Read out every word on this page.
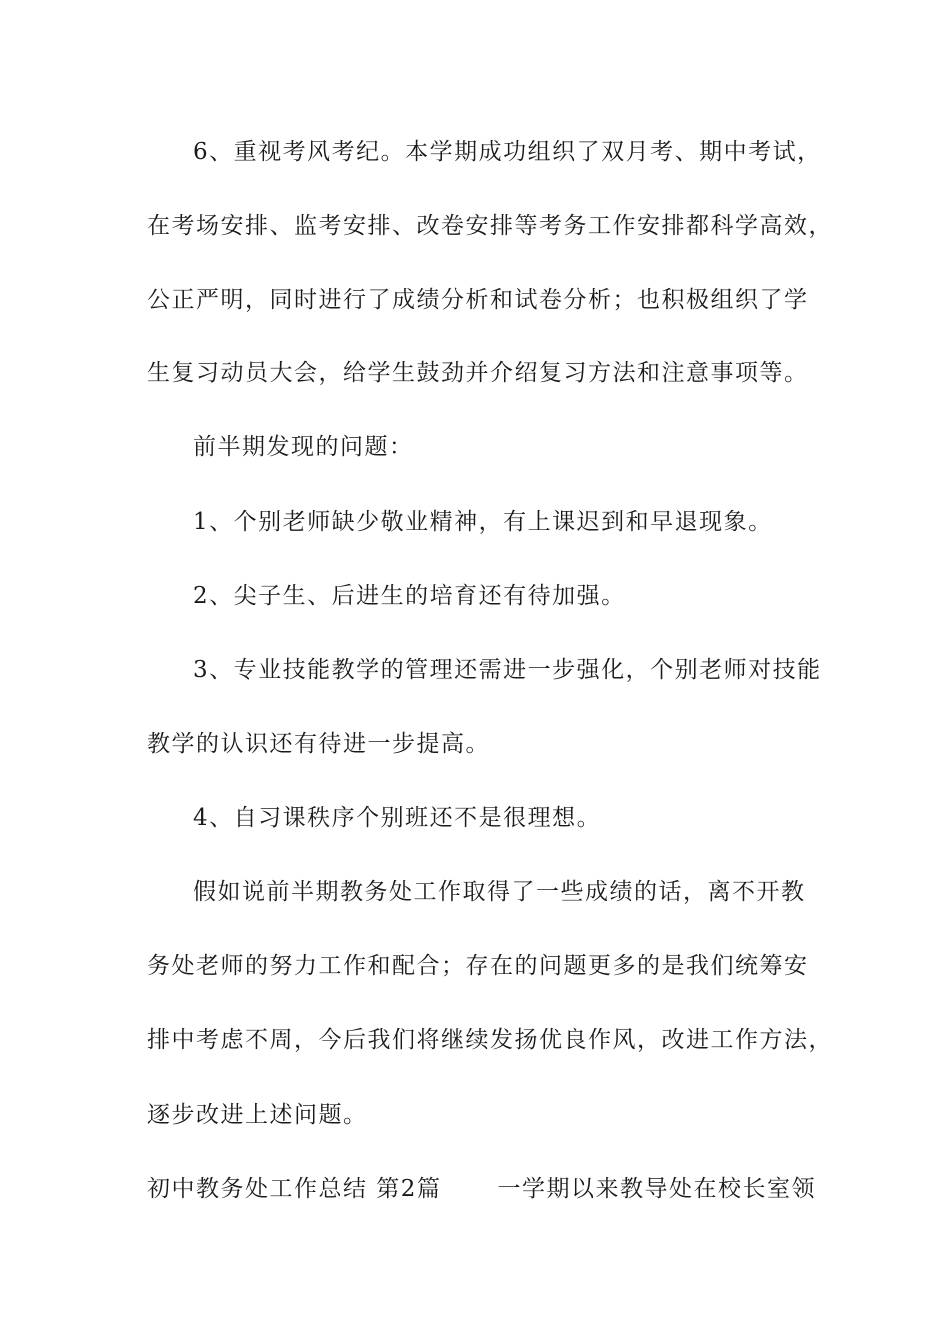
6、重视考风考纪。本学期成功组织了双月考、期中考试，
在考场安排、监考安排、改卷安排等考务工作安排都科学高效，
公正严明，同时进行了成绩分析和试卷分析；也积极组织了学
生复习动员大会，给学生鼓劲并介绍复习方法和注意事项等。
前半期发现的问题：
1、个别老师缺少敬业精神，有上课迟到和早退现象。
2、尖子生、后进生的培育还有待加强。
3、专业技能教学的管理还需进一步强化，个别老师对技能
教学的认识还有待进一步提高。
4、自习课秩序个别班还不是很理想。
假如说前半期教务处工作取得了一些成绩的话，离不开教
务处老师的努力工作和配合；存在的问题更多的是我们统筹安
排中考虑不周，今后我们将继续发扬优良作风，改进工作方法，
逐步改进上述问题。
初中教务处工作总结 第2篇 一学期以来教导处在校长室领
